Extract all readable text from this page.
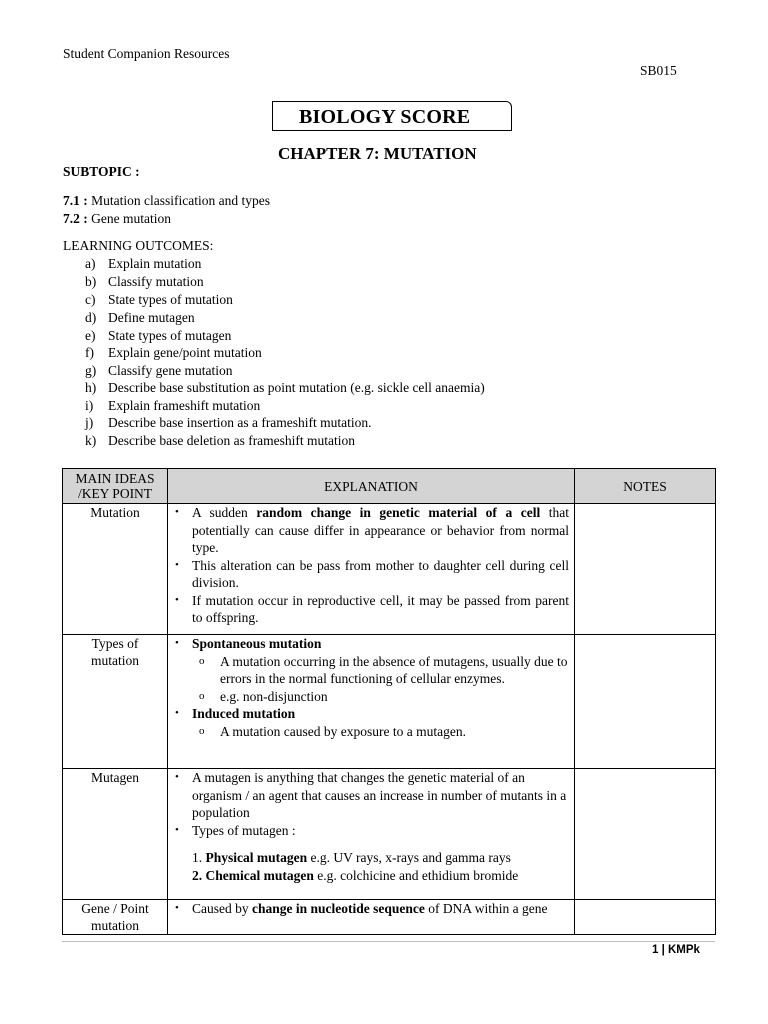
Student Companion Resources
SB015
BIOLOGY SCORE
CHAPTER 7: MUTATION
SUBTOPIC :
7.1 : Mutation classification and types
7.2 : Gene mutation
LEARNING OUTCOMES:
a) Explain mutation
b) Classify mutation
c) State types of mutation
d) Define mutagen
e) State types of mutagen
f) Explain gene/point mutation
g) Classify gene mutation
h) Describe base substitution as point mutation (e.g. sickle cell anaemia)
i) Explain frameshift mutation
j) Describe base insertion as a frameshift mutation.
k) Describe base deletion as frameshift mutation
MAIN IDEAS /KEY POINT	EXPLANATION	NOTES
Mutation	• A sudden random change in genetic material of a cell that potentially can cause differ in appearance or behavior from normal type.
• This alteration can be pass from mother to daughter cell during cell division.
• If mutation occur in reproductive cell, it may be passed from parent to offspring.

Types of mutation	• Spontaneous mutation
o A mutation occurring in the absence of mutagens, usually due to errors in the normal functioning of cellular enzymes.
o e.g. non-disjunction
• Induced mutation
o A mutation caused by exposure to a mutagen.

Mutagen	• A mutagen is anything that changes the genetic material of an organism / an agent that causes an increase in number of mutants in a population
• Types of mutagen :
1. Physical mutagen e.g. UV rays, x-rays and gamma rays
2. Chemical mutagen e.g. colchicine and ethidium bromide

Gene / Point mutation	• Caused by change in nucleotide sequence of DNA within a gene

1 | KMPk
